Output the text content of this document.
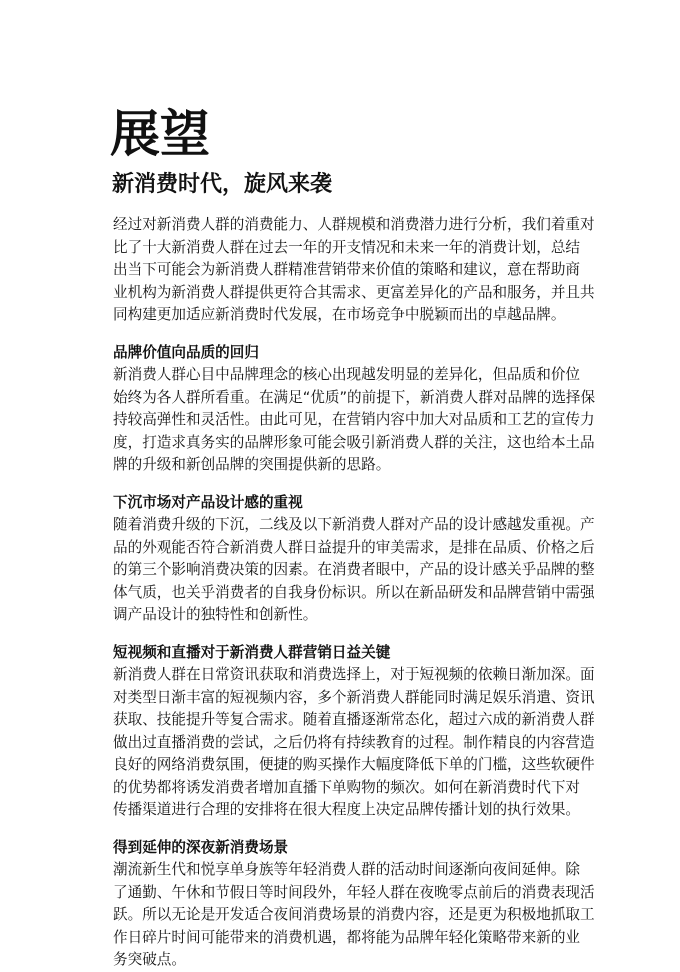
展望
新消费时代，旋风来袭
经过对新消费人群的消费能力、人群规模和消费潜力进行分析，我们着重对
比了十大新消费人群在过去一年的开支情况和未来一年的消费计划，总结
出当下可能会为新消费人群精准营销带来价值的策略和建议，意在帮助商
业机构为新消费人群提供更符合其需求、更富差异化的产品和服务，并且共
同构建更加适应新消费时代发展，在市场竞争中脱颖而出的卓越品牌。
品牌价值向品质的回归
新消费人群心目中品牌理念的核心出现越发明显的差异化，但品质和价位
始终为各人群所看重。在满足“优质”的前提下，新消费人群对品牌的选择保
持较高弹性和灵活性。由此可见，在营销内容中加大对品质和工艺的宣传力
度，打造求真务实的品牌形象可能会吸引新消费人群的关注，这也给本土品
牌的升级和新创品牌的突围提供新的思路。
下沉市场对产品设计感的重视
随着消费升级的下沉，二线及以下新消费人群对产品的设计感越发重视。产
品的外观能否符合新消费人群日益提升的审美需求，是排在品质、价格之后
的第三个影响消费决策的因素。在消费者眼中，产品的设计感关乎品牌的整
体气质，也关乎消费者的自我身份标识。所以在新品研发和品牌营销中需强
调产品设计的独特性和创新性。
短视频和直播对于新消费人群营销日益关键
新消费人群在日常资讯获取和消费选择上，对于短视频的依赖日渐加深。面
对类型日渐丰富的短视频内容，多个新消费人群能同时满足娱乐消遣、资讯
获取、技能提升等复合需求。随着直播逐渐常态化，超过六成的新消费人群
做出过直播消费的尝试，之后仍将有持续教育的过程。制作精良的内容营造
良好的网络消费氛围，便捷的购买操作大幅度降低下单的门槛，这些软硬件
的优势都将诱发消费者增加直播下单购物的频次。如何在新消费时代下对
传播渠道进行合理的安排将在很大程度上决定品牌传播计划的执行效果。
得到延伸的深夜新消费场景
潮流新生代和悦享单身族等年轻消费人群的活动时间逐渐向夜间延伸。除
了通勤、午休和节假日等时间段外，年轻人群在夜晚零点前后的消费表现活
跃。所以无论是开发适合夜间消费场景的消费内容，还是更为积极地抓取工
作日碎片时间可能带来的消费机遇，都将能为品牌年轻化策略带来新的业
务突破点。
